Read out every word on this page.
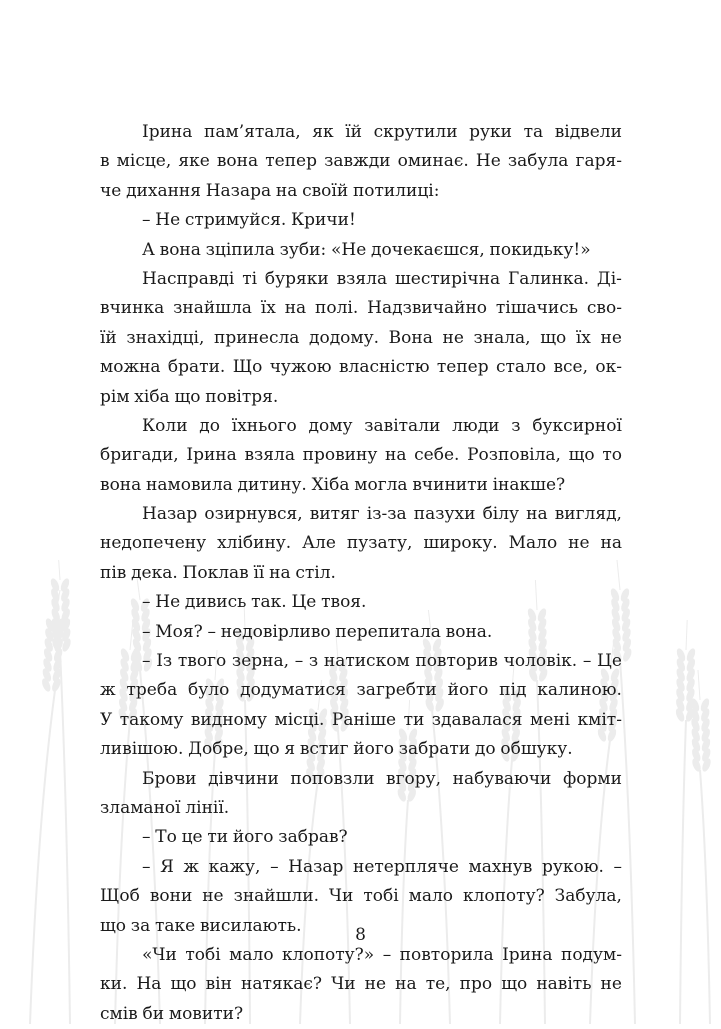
Ірина пам’ятала, як їй скрутили руки та відвели
в місце, яке вона тепер завжди оминає. Не забула гаря-
че дихання Назара на своїй потилиці:
– Не стримуйся. Кричи!
А вона зціпила зуби: «Не дочекаєшся, покидьку!»
Насправді ті буряки взяла шестирічна Галинка. Ді-
вчинка знайшла їх на полі. Надзвичайно тішачись сво-
їй знахідці, принесла додому. Вона не знала, що їх не
можна брати. Що чужою власністю тепер стало все, ок-
рім хіба що повітря.
Коли до їхнього дому завітали люди з буксирної
бригади, Ірина взяла провину на себе. Розповіла, що то
вона намовила дитину. Хіба могла вчинити інакше?
Назар озирнувся, витяг із-за пазухи білу на вигляд,
недопечену хлібину. Але пузату, широку. Мало не на
пів дека. Поклав її на стіл.
– Не дивись так. Це твоя.
– Моя? – недовірливо перепитала вона.
– Із твого зерна, – з натиском повторив чоловік. – Це
ж треба було додуматися загребти його під калиною.
У такому видному місці. Раніше ти здавалася мені кміт-
ливішою. Добре, що я встиг його забрати до обшуку.
Брови дівчини поповзли вгору, набуваючи форми
зламаної лінії.
– То це ти його забрав?
– Я ж кажу, – Назар нетерпляче махнув рукою. –
Щоб вони не знайшли. Чи тобі мало клопоту? Забула,
що за таке висилають.
«Чи тобі мало клопоту?» – повторила Ірина подум-
ки. На що він натякає? Чи не на те, про що навіть не
смів би мовити?
8
